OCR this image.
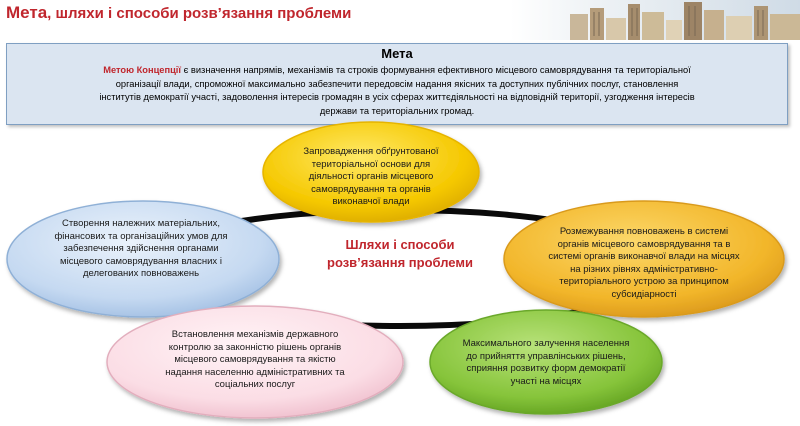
Мета, шляхи і способи розв’язання проблеми
Мета
Метою Концепції є визначення напрямів, механізмів та строків формування ефективного місцевого самоврядування та територіальної організації влади, спроможної максимально забезпечити передовсім надання якісних та доступних публічних послуг, становлення інститутів демократії участі, задоволення інтересів громадян в усіх сферах життєдіяльності на відповідній території, узгодження інтересів держави та територіальних громад.
Запровадження обґрунтованої територіальної основи для діяльності органів місцевого самоврядування та органів виконавчої влади
Створення належних матеріальних, фінансових та організаційних умов для забезпечення здійснення органами місцевого самоврядування власних і делегованих повноважень
Розмежування повноважень в системі органів місцевого самоврядування та в системі органів виконавчої влади на місцях на різних рівнях адміністративно-територіального устрою за принципом субсидіарності
Встановлення механізмів державного контролю за законністю рішень органів місцевого самоврядування та якістю надання населенню адміністративних та соціальних послуг
Максимального залучення населення до прийняття управлінських рішень, сприяння розвитку форм демократії участі на місцях
Шляхи і способи
розв’язання проблеми
